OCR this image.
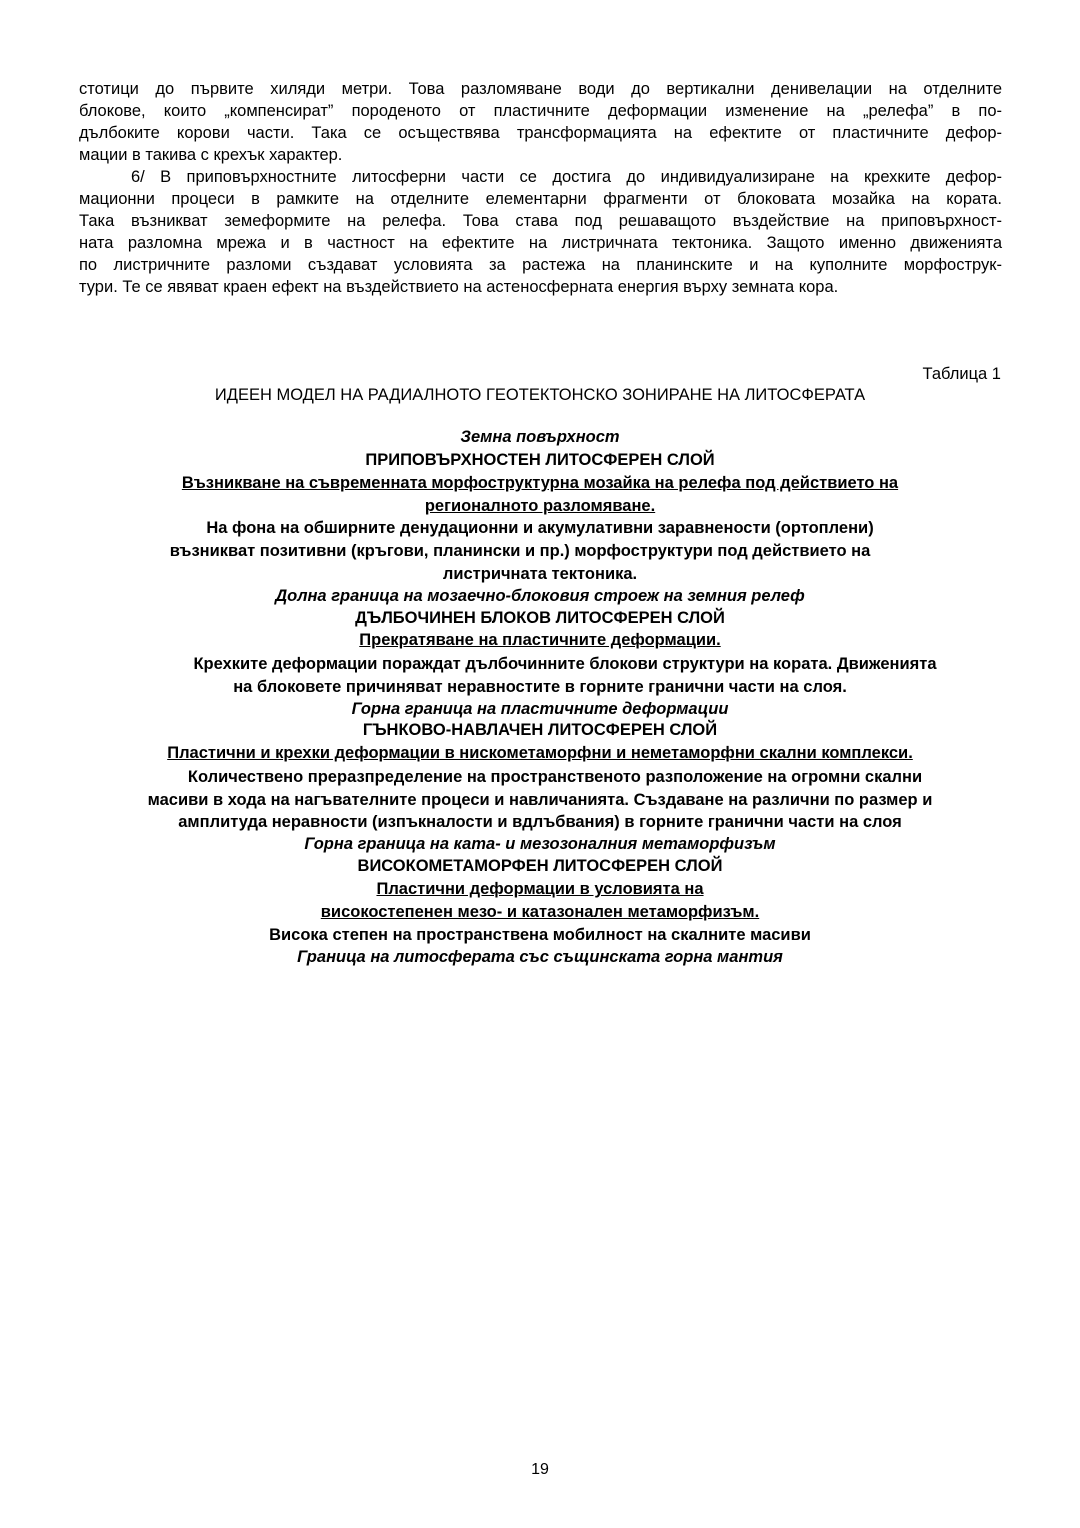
стотици до първите хиляди метри. Това разломяване води до вертикални денивелации на отделните
блокове, които „компенсират” породеното от пластичните деформации изменение на „релефа” в по-
дълбоките корови части. Така се осъществява трансформацията на ефектите от пластичните дефор-
мации в такива с крехък характер.
6/ В приповърхностните литосферни части се достига до индивидуализиране на крехките дефор-
мационни процеси в рамките на отделните елементарни фрагменти от блоковата мозайка на кората.
Така възникват земеформите на релефа. Това става под решаващото въздействие на приповърхност-
ната разломна мрежа и в частност на ефектите на листричната тектоника. Защото именно движенията
по листричните разломи създават условията за растежа на планинските и на куполните морфострук-
тури. Те се явяват краен ефект на въздействието на астеносферната енергия върху земната кора.
Таблица 1
ИДЕЕН МОДЕЛ НА РАДИАЛНОТО ГЕОТЕКТОНСКО ЗОНИРАНЕ НА ЛИТОСФЕРАТА
Земна повърхност
ПРИПОВЪРХНОСТЕН ЛИТОСФЕРЕН СЛОЙ
Възникване на съвременната морфоструктурна мозайка на релефа под действието на
регионалното разломяване.
На фона на обширните денудационни и акумулативни заравнености (ортоплени)
възникват позитивни (кръгови, планински и пр.) морфоструктури под действието на
листричната тектоника.
Долна граница на мозаечно-блоковия строеж на земния релеф
ДЪЛБОЧИНЕН БЛОКОВ ЛИТОСФЕРЕН СЛОЙ
Прекратяване на пластичните деформации.
Крехките деформации пораждат дълбочинните блокови структури на кората. Движенията
на блоковете причиняват неравностите в горните гранични части на слоя.
Горна граница на пластичните деформации
ГЪНКОВО-НАВЛАЧЕН ЛИТОСФЕРЕН СЛОЙ
Пластични и крехки деформации в нискометаморфни и неметаморфни скални комплекси.
Количествено преразпределение на пространственото разположение на огромни скални
масиви в хода на нагъвателните процеси и навличанията. Създаване на различни по размер и
амплитуда неравности (изпъкналости и вдлъбвания) в горните гранични части на слоя
Горна граница на ката- и мезозоналния метаморфизъм
ВИСОКОМЕТАМОРФЕН ЛИТОСФЕРЕН СЛОЙ
Пластични деформации в условията на
високостепенен мезо- и катазонален метаморфизъм.
Висока степен на пространствена мобилност на скалните масиви
Граница на литосферата със същинската горна мантия
19
